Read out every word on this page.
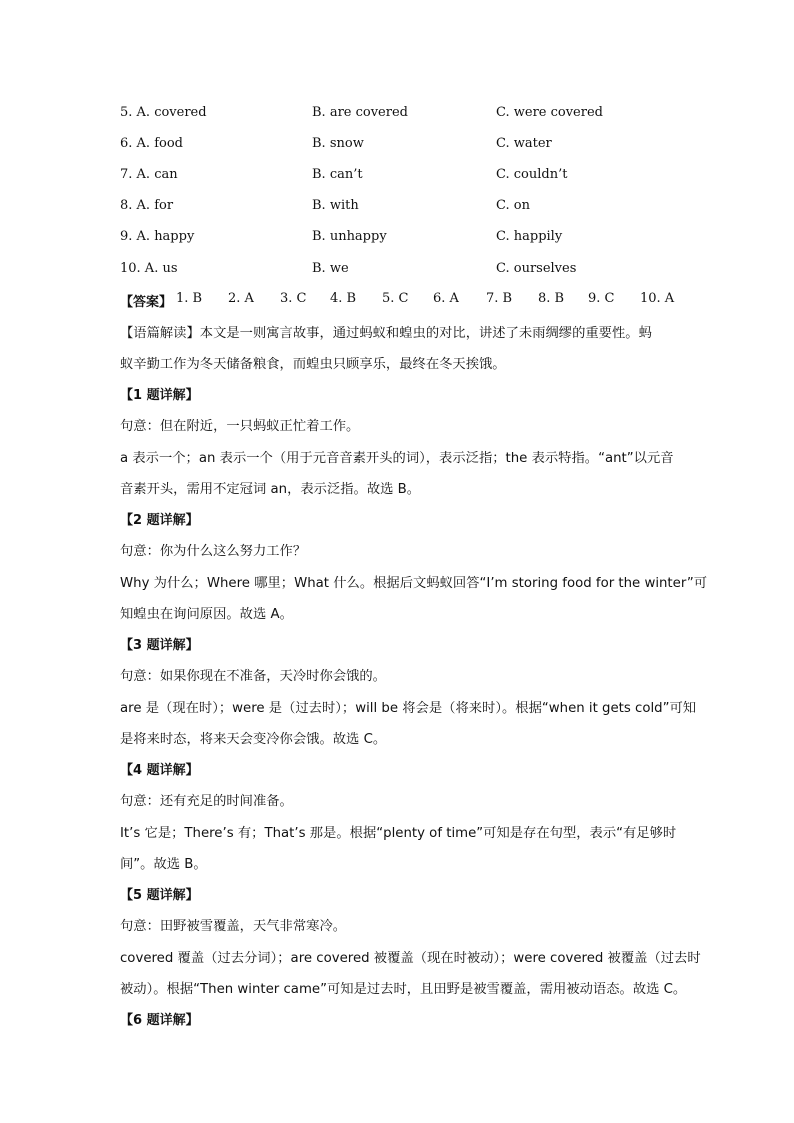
5. A. covered	B. are covered	C. were covered
6. A. food	B. snow	C. water
7. A. can	B. can’t	C. couldn’t
8. A. for	B. with	C. on
9. A. happy	B. unhappy	C. happily
10. A. us	B. we	C. ourselves
【答案】 1. B 2. A 3. C 4. B 5. C 6. A 7. B 8. B 9. C 10. A
【语篇解读】本文是一则寓言故事，通过蚂蚁和蝗虫的对比，讲述了未雨绸缪的重要性。蚂
蚁辛勤工作为冬天储备粮食，而蝗虫只顾享乐，最终在冬天挨饿。
【1 题详解】
句意：但在附近，一只蚂蚁正忙着工作。
a 表示一个；an 表示一个（用于元音音素开头的词），表示泛指；the 表示特指。“ant”以元音
音素开头，需用不定冠词 an，表示泛指。故选 B。
【2 题详解】
句意：你为什么这么努力工作？
Why 为什么；Where 哪里；What 什么。根据后文蚂蚁回答“I’m storing food for the winter”可
知蝗虫在询问原因。故选 A。
【3 题详解】
句意：如果你现在不准备，天冷时你会饿的。
are 是（现在时）；were 是（过去时）；will be 将会是（将来时）。根据“when it gets cold”可知
是将来时态，将来天会变冷你会饿。故选 C。
【4 题详解】
句意：还有充足的时间准备。
It’s 它是；There’s 有；That’s 那是。根据“plenty of time”可知是存在句型，表示“有足够时
间”。故选 B。
【5 题详解】
句意：田野被雪覆盖，天气非常寒冷。
covered 覆盖（过去分词）；are covered 被覆盖（现在时被动）；were covered 被覆盖（过去时
被动）。根据“Then winter came”可知是过去时，且田野是被雪覆盖，需用被动语态。故选 C。
【6 题详解】
